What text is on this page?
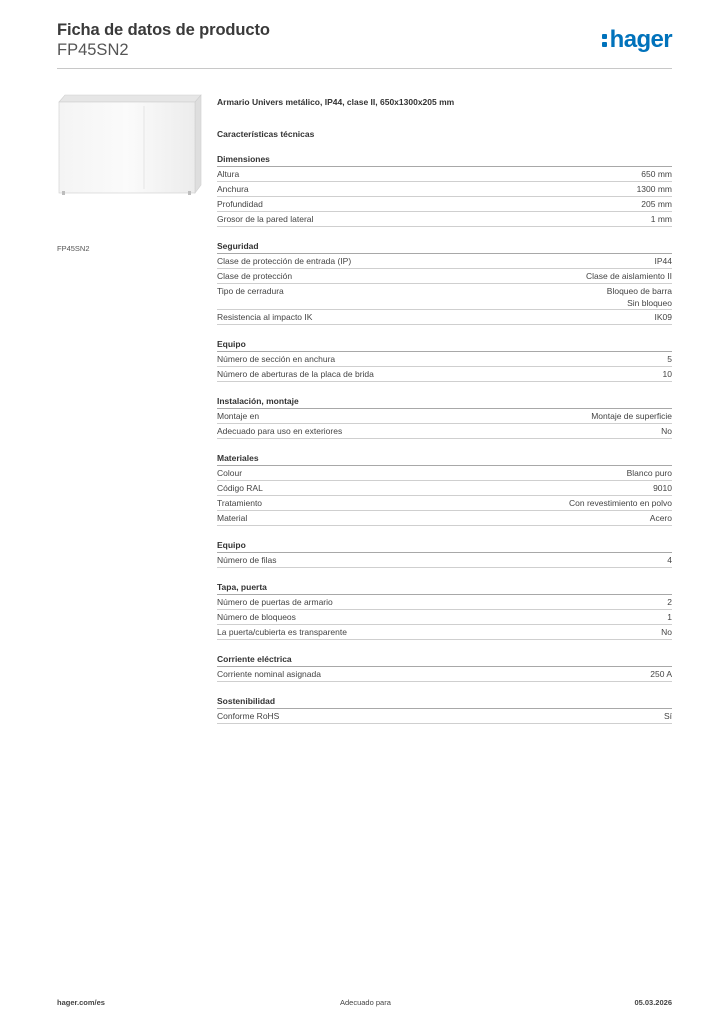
Ficha de datos de producto
FP45SN2	hager
FP45SN2
Armario Univers metálico, IP44, clase II, 650x1300x205 mm
Características técnicas
Dimensiones
Altura	650 mm
Anchura	1300 mm
Profundidad	205 mm
Grosor de la pared lateral	1 mm
Seguridad
Clase de protección de entrada (IP)	IP44
Clase de protección	Clase de aislamiento II
Tipo de cerradura	Bloqueo de barra
Sin bloqueo
Resistencia al impacto IK	IK09
Equipo
Número de sección en anchura	5
Número de aberturas de la placa de brida	10
Instalación, montaje
Montaje en	Montaje de superficie
Adecuado para uso en exteriores	No
Materiales
Colour	Blanco puro
Código RAL	9010
Tratamiento	Con revestimiento en polvo
Material	Acero
Equipo
Número de filas	4
Tapa, puerta
Número de puertas de armario	2
Número de bloqueos	1
La puerta/cubierta es transparente	No
Corriente eléctrica
Corriente nominal asignada	250 A
Sostenibilidad
Conforme RoHS	Sí
hager.com/es	Adecuado para	05.03.2026
